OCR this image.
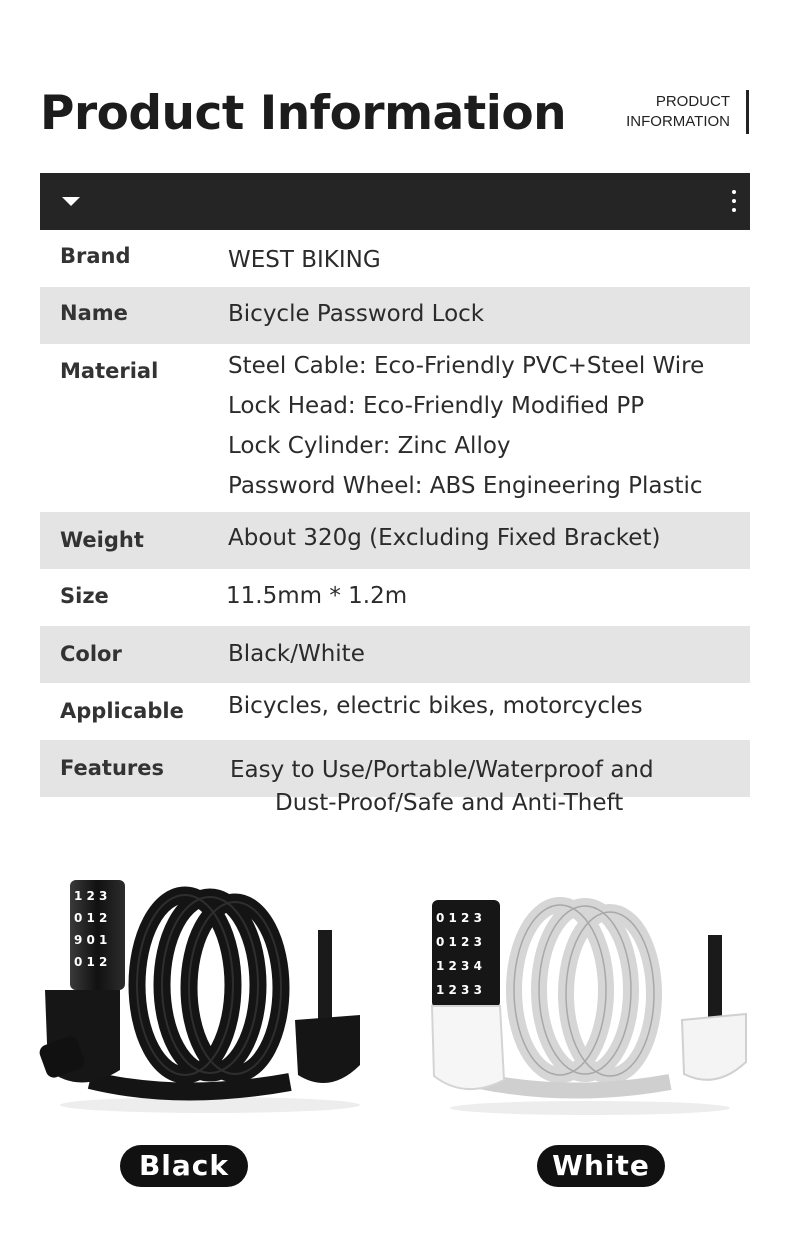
Product Information	PRODUCT
INFORMATION
Brand	WEST BIKING
Name	Bicycle Password Lock
Material	Steel Cable: Eco-Friendly PVC+Steel Wire
Lock Head: Eco-Friendly Modified PP
Lock Cylinder: Zinc Alloy
Password Wheel: ABS Engineering Plastic
Weight	About 320g (Excluding Fixed Bracket)
Size	11.5mm * 1.2m
Color	Black/White
Applicable Bicycles, electric bikes, motorcycles
Features	Easy to Use/Portable/Waterproof and
Dust-Proof/Safe and Anti-Theft
1 2 3
0 1 2
9 0 1
0 1 2
0 1 2 3
0 1 2 3
1 2 3 4
1 2 3 3
Black	White
